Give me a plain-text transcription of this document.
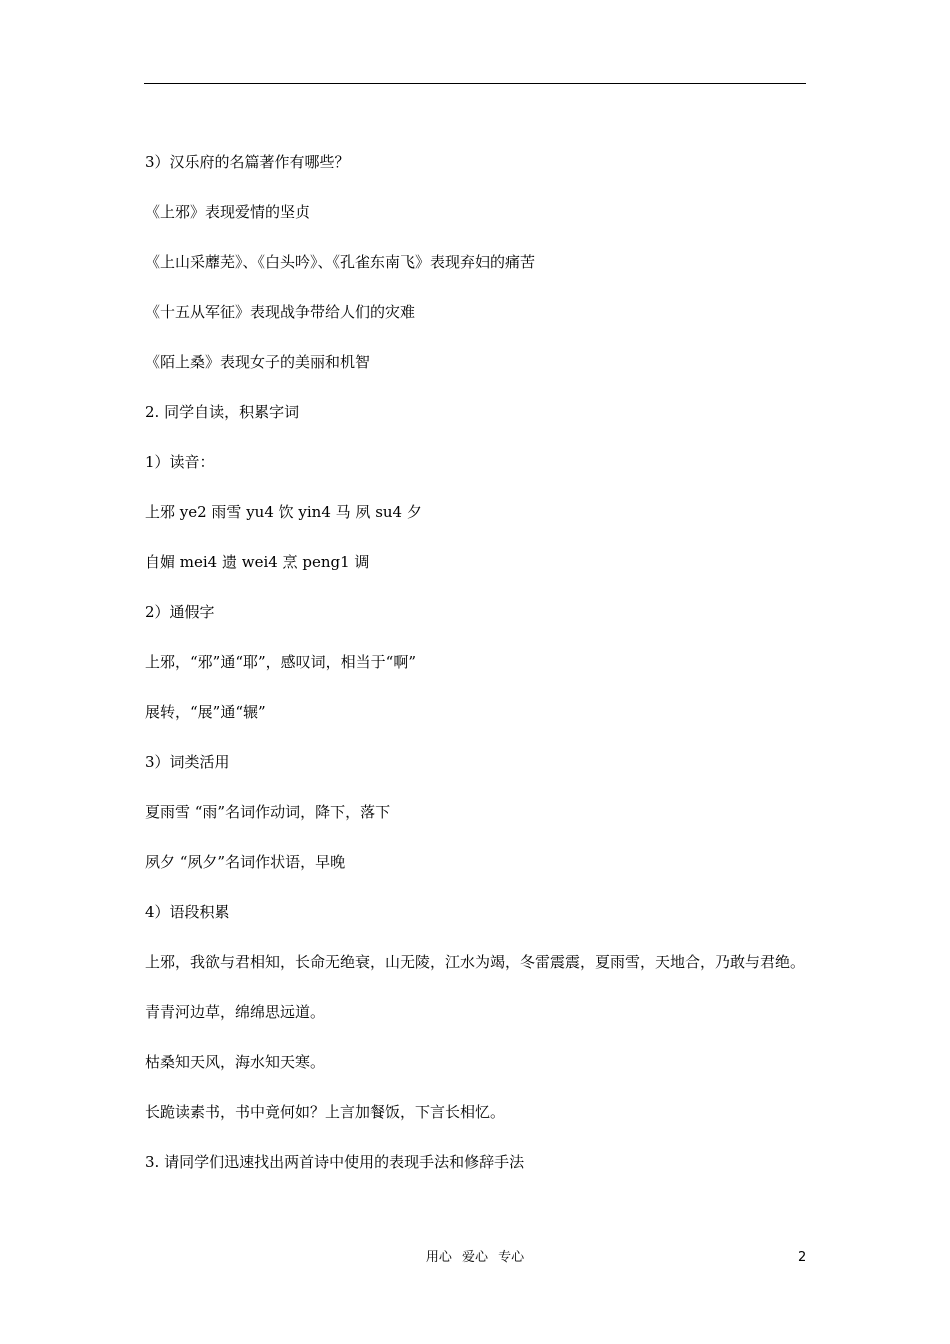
3）汉乐府的名篇著作有哪些？
《上邪》表现爱情的坚贞
《上山采蘼芜》、《白头吟》、《孔雀东南飞》表现弃妇的痛苦
《十五从军征》表现战争带给人们的灾难
《陌上桑》表现女子的美丽和机智
2. 同学自读，积累字词
1）读音：
上邪 ye2 雨雪 yu4 饮 yin4 马 夙 su4 夕
自媚 mei4 遗 wei4 烹 peng1 调
2）通假字
上邪，“邪”通“耶”，感叹词，相当于“啊”
展转，“展”通“辗”
3）词类活用
夏雨雪 “雨”名词作动词，降下，落下
夙夕 “夙夕”名词作状语，早晚
4）语段积累
上邪，我欲与君相知，长命无绝衰，山无陵，江水为竭，冬雷震震，夏雨雪，天地合，乃敢与君绝。
青青河边草，绵绵思远道。
枯桑知天风，海水知天寒。
长跪读素书，书中竟何如？上言加餐饭，下言长相忆。
3. 请同学们迅速找出两首诗中使用的表现手法和修辞手法
用心 爱心 专心	2
